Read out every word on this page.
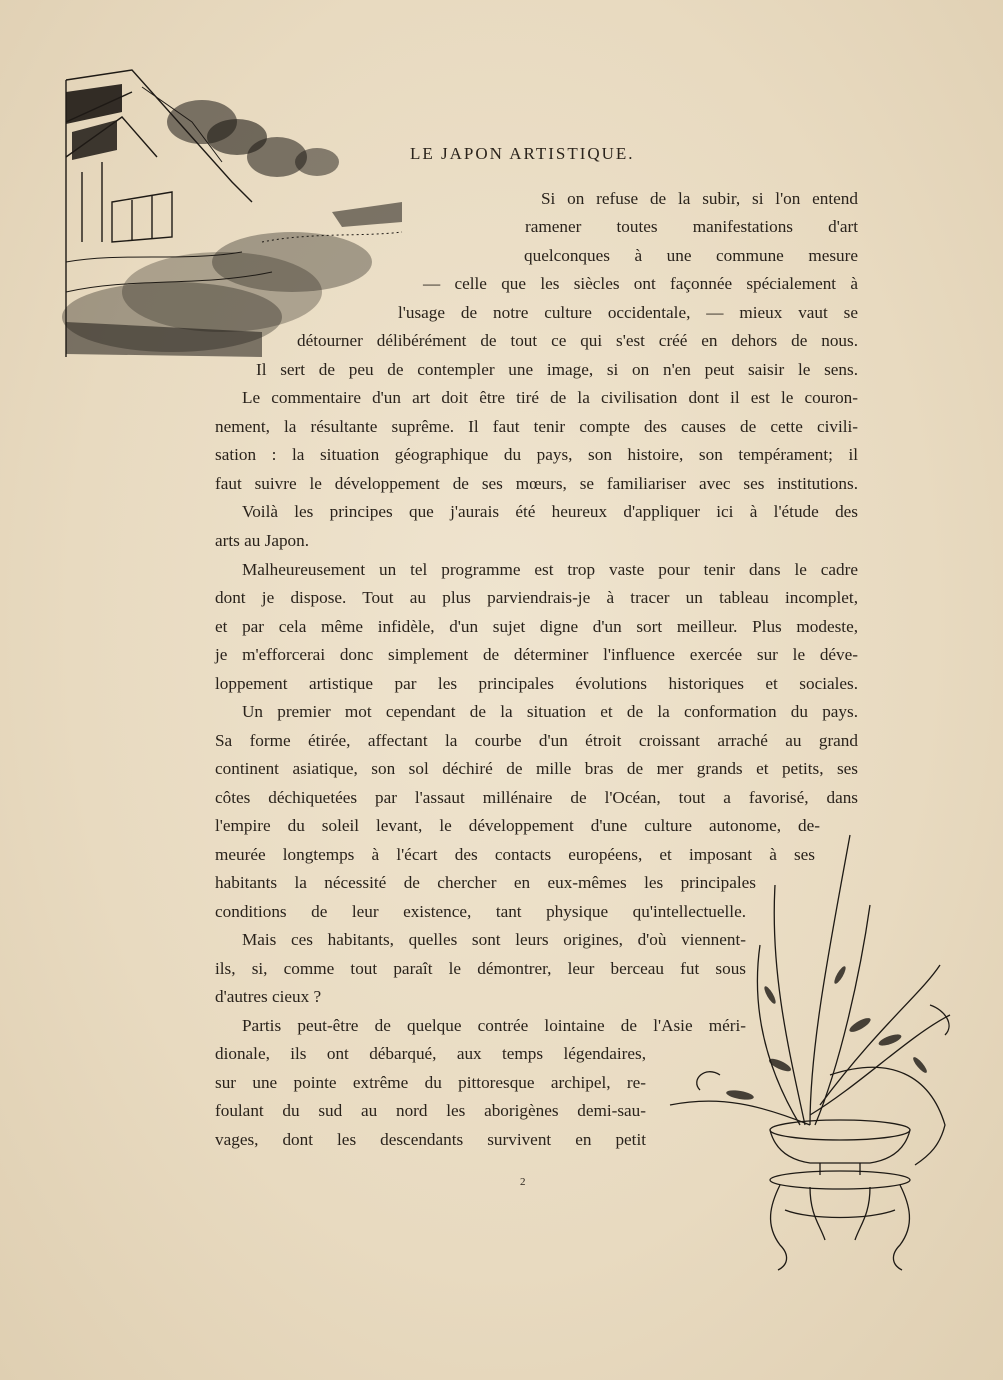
LE JAPON ARTISTIQUE.

Si on refuse de la subir, si l'on entend

ramener toutes manifestations d'art

quelconques à une commune mesure

— celle que les siècles ont façonnée spécialement à

l'usage de notre culture occidentale, — mieux vaut se

détourner délibérément de tout ce qui s'est créé en dehors de nous.

Il sert de peu de contempler une image, si on n'en peut saisir le sens.

Le commentaire d'un art doit être tiré de la civilisation dont il est le couron-

nement, la résultante suprême. Il faut tenir compte des causes de cette civili-

sation : la situation géographique du pays, son histoire, son tempérament; il

faut suivre le développement de ses mœurs, se familiariser avec ses institutions.

Voilà les principes que j'aurais été heureux d'appliquer ici à l'étude des

arts au Japon.

Malheureusement un tel programme est trop vaste pour tenir dans le cadre

dont je dispose. Tout au plus parviendrais-je à tracer un tableau incomplet,

et par cela même infidèle, d'un sujet digne d'un sort meilleur. Plus modeste,

je m'efforcerai donc simplement de déterminer l'influence exercée sur le déve-

loppement artistique par les principales évolutions historiques et sociales.

Un premier mot cependant de la situation et de la conformation du pays.

Sa forme étirée, affectant la courbe d'un étroit croissant arraché au grand

continent asiatique, son sol déchiré de mille bras de mer grands et petits, ses

côtes déchiquetées par l'assaut millénaire de l'Océan, tout a favorisé, dans

l'empire du soleil levant, le développement d'une culture autonome, de-

meurée longtemps à l'écart des contacts européens, et imposant à ses

habitants la nécessité de chercher en eux-mêmes les principales

conditions de leur existence, tant physique qu'intellectuelle.

Mais ces habitants, quelles sont leurs origines, d'où viennent-

ils, si, comme tout paraît le démontrer, leur berceau fut sous

d'autres cieux ?

Partis peut-être de quelque contrée lointaine de l'Asie méri-

dionale, ils ont débarqué, aux temps légendaires,

sur une pointe extrême du pittoresque archipel, re-

foulant du sud au nord les aborigènes demi-sau-

vages, dont les descendants survivent en petit

2
